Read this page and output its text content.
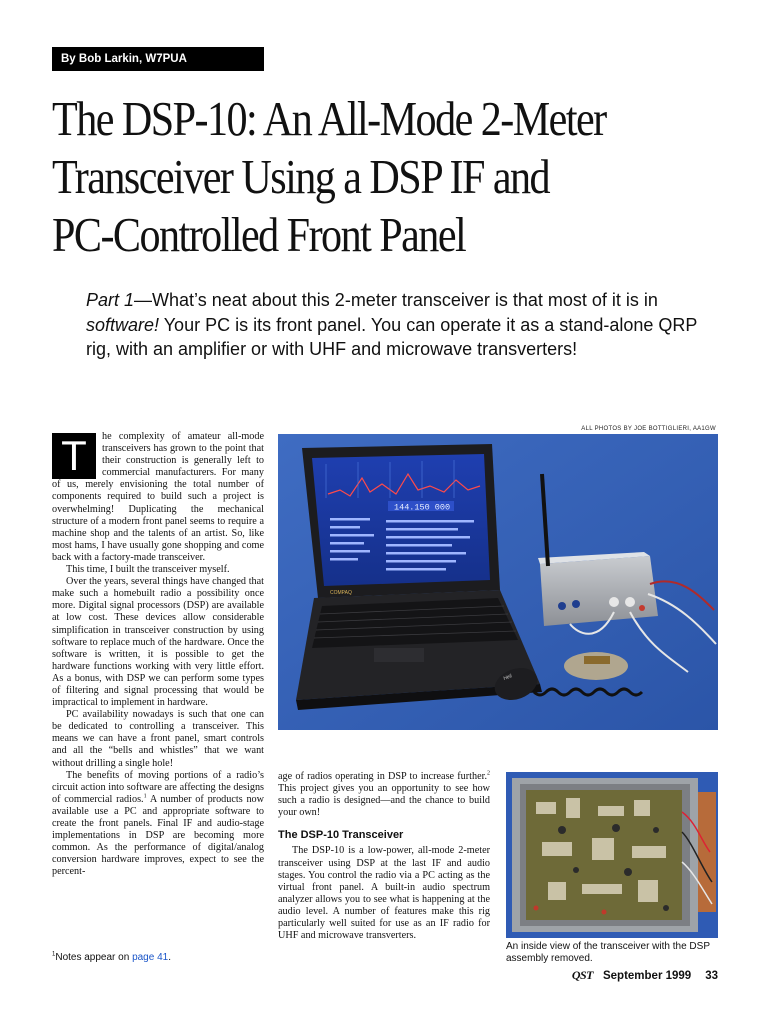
By Bob Larkin, W7PUA
The DSP-10: An All-Mode 2-Meter
Transceiver Using a DSP IF and
PC-Controlled Front Panel
Part 1—What’s neat about this 2-meter transceiver is that most of it is in software! Your PC is its front panel. You can operate it as a stand-alone QRP rig, with an amplifier or with UHF and microwave transverters!
ALL PHOTOS BY JOE BOTTIGLIERI, AA1GW
144.150 000
COMPAQ
Heil
An inside view of the transceiver with the DSP assembly removed.
T	he complexity of amateur all-mode transceivers has grown to the point that their construction is generally left to commercial manufacturers. For many of us, merely envisioning the total number of components required to build such a project is overwhelming! Duplicating the mechanical structure of a modern front panel seems to require a machine shop and the talents of an artist. So, like most hams, I have usually gone shopping and come back with a factory-made transceiver.

This time, I built the transceiver myself.

Over the years, several things have changed that make such a homebuilt radio a possibility once more. Digital signal processors (DSP) are available at low cost. These devices allow considerable simplification in transceiver construction by using software to replace much of the hardware. Once the software is written, it is possible to get the hardware functions working with very little effort. As a bonus, with DSP we can perform some types of filtering and signal processing that would be impractical to implement in hardware.

PC availability nowadays is such that one can be dedicated to controlling a transceiver. This means we can have a front panel, smart controls and all the “bells and whistles” that we want without drilling a single hole!

The benefits of moving portions of a radio’s circuit action into software are affecting the designs of commercial radios.$^1$ A number of products now available use a PC and appropriate software to create the front panels. Final IF and audio-stage implementations in DSP are becoming more common. As the performance of digital/analog conversion hardware improves, expect to see the percent-

age of radios operating in DSP to increase further.$^2$ This project gives you an opportunity to see how such a radio is designed—and the chance to build your own!

The DSP-10 Transceiver

The DSP-10 is a low-power, all-mode 2-meter transceiver using DSP at the last IF and audio stages. You control the radio via a PC acting as the virtual front panel. A built-in audio spectrum analyzer allows you to see what is happening at the audio level. A number of features make this rig particularly well suited for use as an IF radio for UHF and microwave transverters.

$^1$Notes appear on page 41.
QST September 1999 33
